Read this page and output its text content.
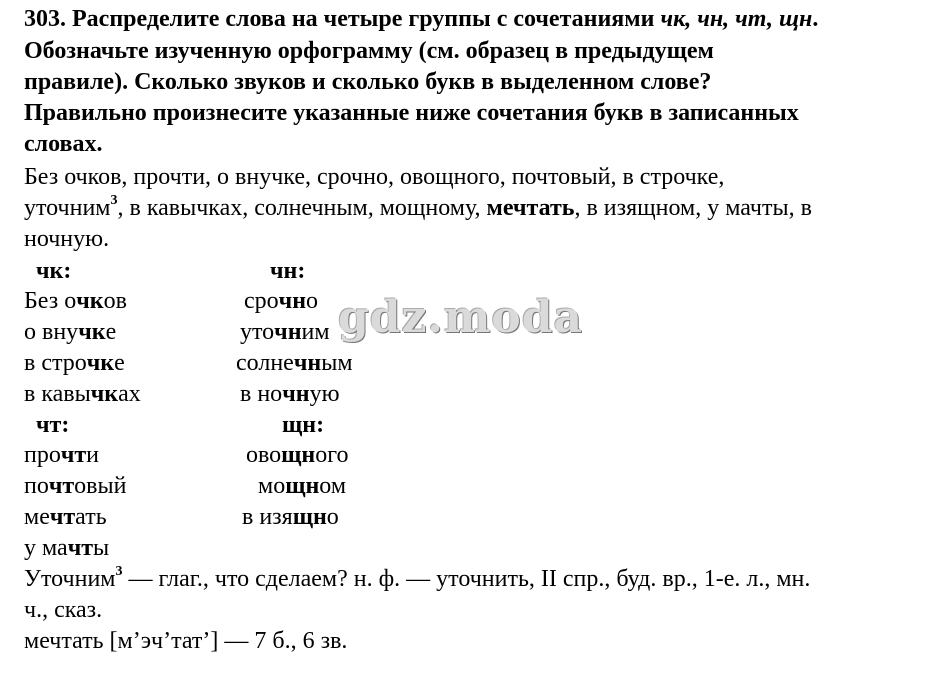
303. Распределите слова на четыре группы с сочетаниями чк, чн, чт, щн.
Обозначьте изученную орфограмму (см. образец в предыдущем
правиле). Сколько звуков и сколько букв в выделенном слове?
Правильно произнесите указанные ниже сочетания букв в записанных
словах.
Без очков, прочти, о внучке, срочно, овощного, почтовый, в строчке,
уточним$^3$, в кавычках, солнечным, мощному, мечтать, в изящном, у мачты, в
ночную.
чк:	чн:
Без очков
о внучке
в строчке
в кавычках
срочно
уточним
солнечным
в ночную
чт:	щн:
прочти
почтовый
мечтать
у мачты
овощного
мощном
в изящно
Уточним$^3$ — глаг., что сделаем? н. ф. — уточнить, II спр., буд. вр., 1-е. л., мн.
ч., сказ.
мечтать [м’эч’тат’] — 7 б., 6 зв.
gdz.moda
